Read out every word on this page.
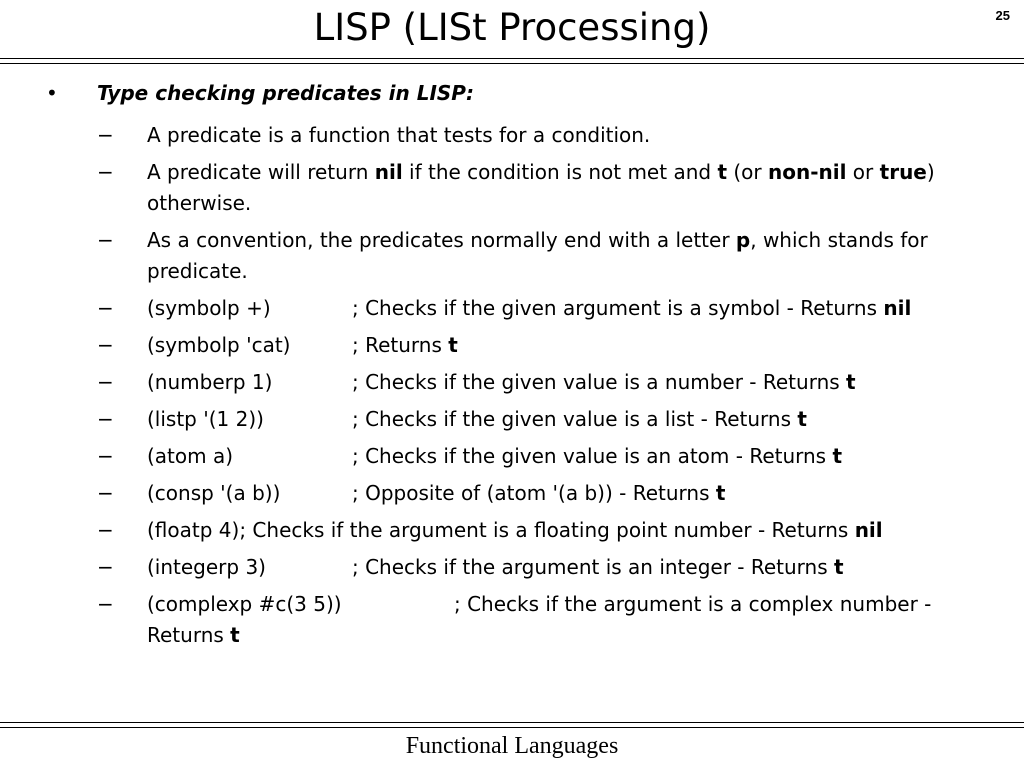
LISP (LISt Processing)	25
• Type checking predicates in LISP:
− A predicate is a function that tests for a condition.
− A predicate will return nil if the condition is not met and t (or non-nil or true) otherwise.
− As a convention, the predicates normally end with a letter p, which stands for predicate.
− (symbolp +)	; Checks if the given argument is a symbol - Returns nil
− (symbolp 'cat)	; Returns t
− (numberp 1)	; Checks if the given value is a number - Returns t
− (listp '(1 2))	; Checks if the given value is a list - Returns t
− (atom a)	; Checks if the given value is an atom - Returns t
− (consp '(a b))	; Opposite of (atom '(a b)) - Returns t
− (floatp 4); Checks if the argument is a floating point number - Returns nil
− (integerp 3)	; Checks if the argument is an integer - Returns t
− (complexp #c(3 5))	; Checks if the argument is a complex number - Returns t
Functional Languages
